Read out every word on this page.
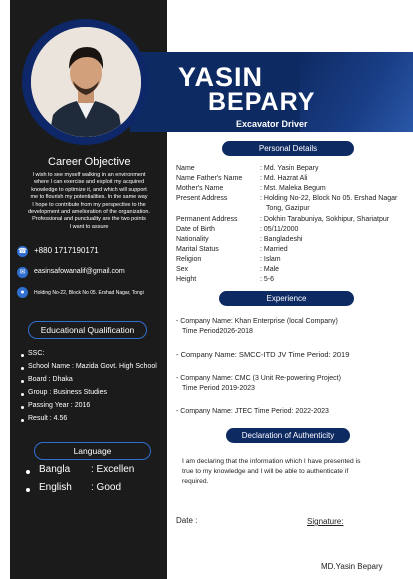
YASIN
BEPARY
Excavator Driver
Career Objective
I wish to see myself walking in an environment
where I can exercise and exploit my acquired
knowledge to optimize it, and which will support
me to flourish my potentialities. In the same way
I hope to contribute from my perspective to the
development and amelioration of the organization.
Professional and punctuality are the two points
I want to assure
☎ +880 1717190171
✉	easinsafowanalif@gmail.com
●	Holding No-22, Block No 05. Ershad Nagar, Tongi
Educational Qualification
SSC:
School Name : Mazida Govt. High School
Board : Dhaka
Group : Business Studies
Passing Year : 2016
Result : 4.56
Language
Bangla : Excellen
English : Good
Personal Details
Name	: Md. Yasin Bepary
Name Father's Name	: Md. Hazrat Ali
Mother's Name	: Mst. Maleka Begum
Present Address	: Holding No-22, Block No 05. Ershad Nagar
Tong, Gazipur
Permanent Address	: Dokhin Tarabuniya, Sokhipur, Shariatpur
Date of Birth	: 05/11/2000
Nationality	: Bangladeshi
Marital Status	: Married
Religion	: Islam
Sex	: Male
Height	: 5-6
Experience
- Company Name: Khan Enterprise (local Company)
Time Period2026-2018
- Company Name: SMCC-ITD JV Time Period: 2019
- Company Name: CMC (3 Unit Re-powering Project)
Time Period 2019-2023
- Company Name: JTEC Time Period: 2022-2023
Declaration of Authenticity
I am declaring that the information which I have presented is
true to my knowledge and I will be able to authenticate if
required.
Date :	Signature:
MD.Yasin Bepary
